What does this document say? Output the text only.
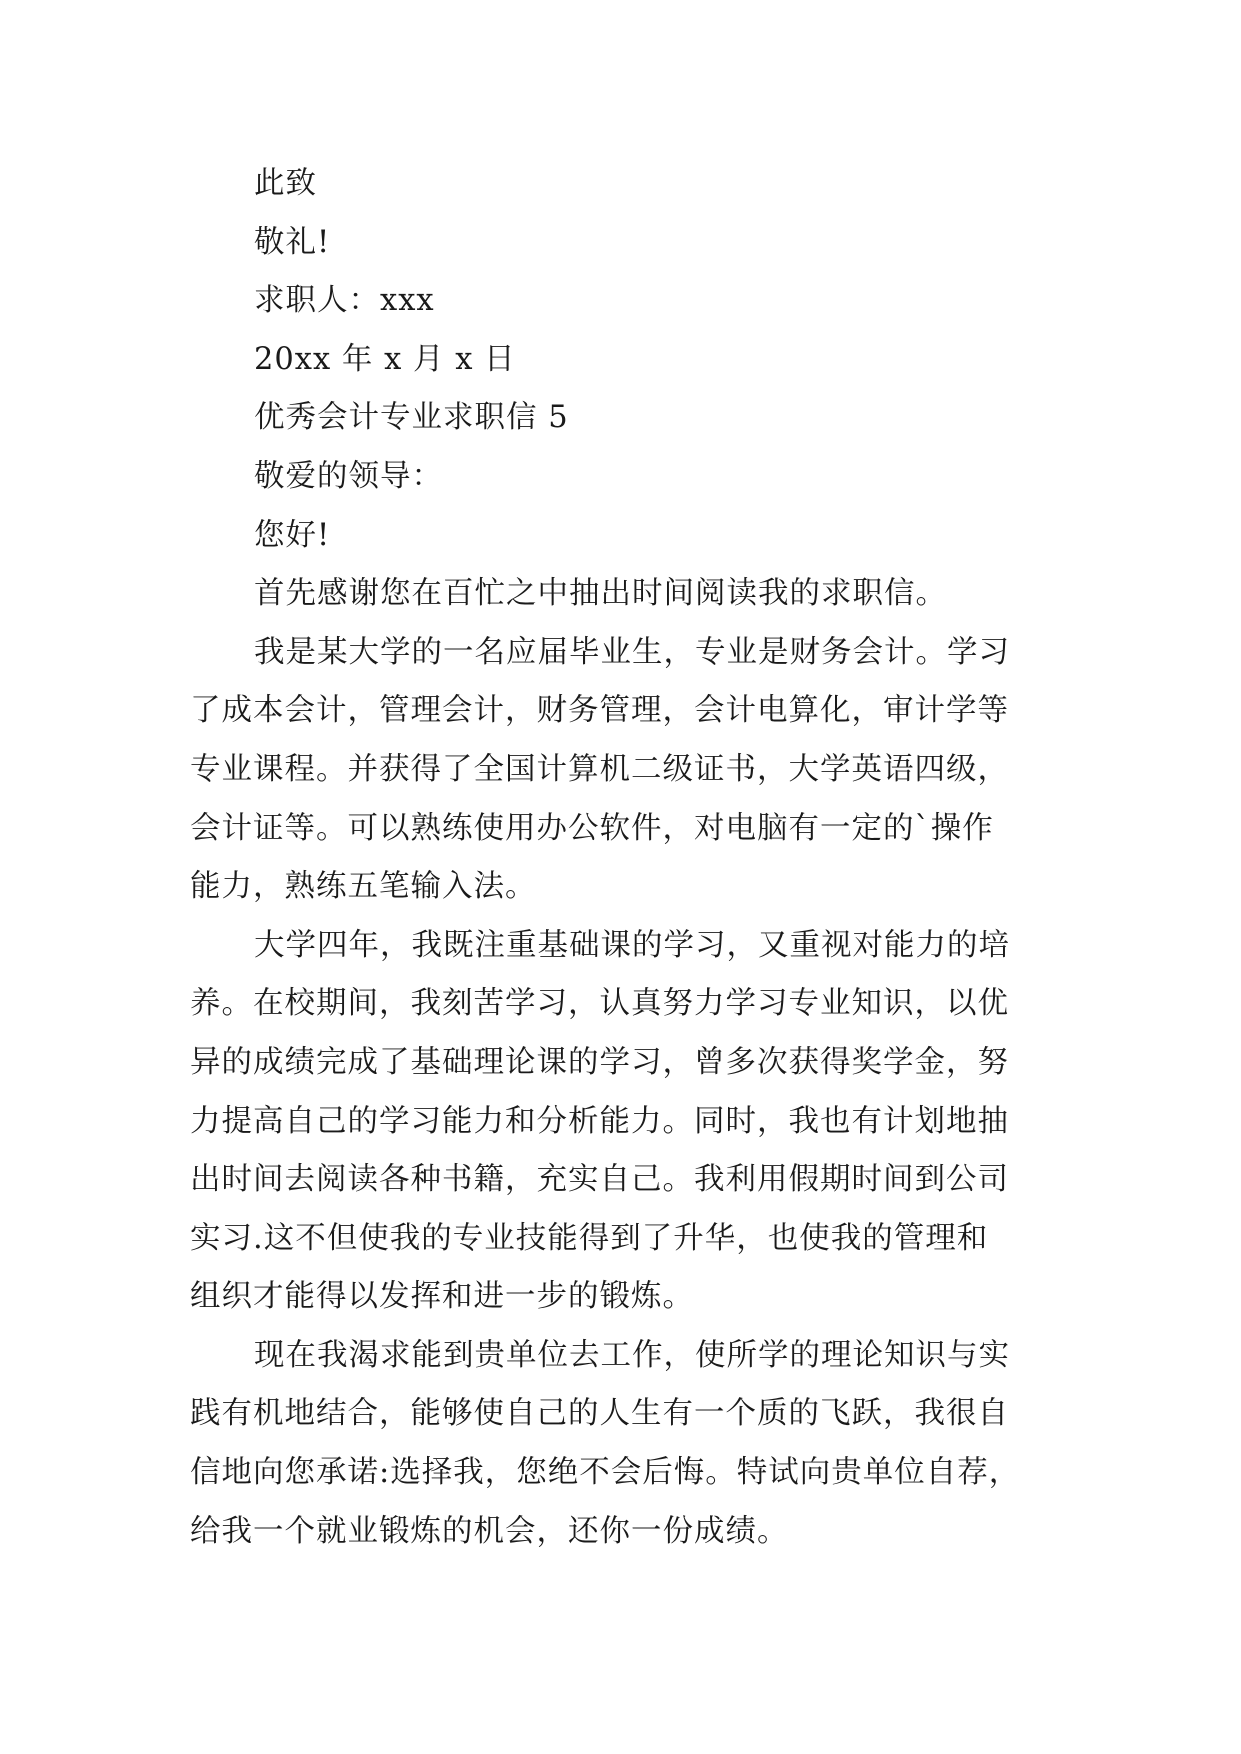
此致
敬礼!
求职人：xxx
20xx 年 x 月 x 日
优秀会计专业求职信 5
敬爱的领导：
您好!
首先感谢您在百忙之中抽出时间阅读我的求职信。
我是某大学的一名应届毕业生，专业是财务会计。学习
了成本会计，管理会计，财务管理，会计电算化，审计学等
专业课程。并获得了全国计算机二级证书，大学英语四级，
会计证等。可以熟练使用办公软件，对电脑有一定的`操作
能力，熟练五笔输入法。
大学四年，我既注重基础课的学习，又重视对能力的培
养。在校期间，我刻苦学习，认真努力学习专业知识，以优
异的成绩完成了基础理论课的学习，曾多次获得奖学金，努
力提高自己的学习能力和分析能力。同时，我也有计划地抽
出时间去阅读各种书籍，充实自己。我利用假期时间到公司
实习.这不但使我的专业技能得到了升华，也使我的管理和
组织才能得以发挥和进一步的锻炼。
现在我渴求能到贵单位去工作，使所学的理论知识与实
践有机地结合，能够使自己的人生有一个质的飞跃，我很自
信地向您承诺:选择我，您绝不会后悔。特试向贵单位自荐，
给我一个就业锻炼的机会，还你一份成绩。
